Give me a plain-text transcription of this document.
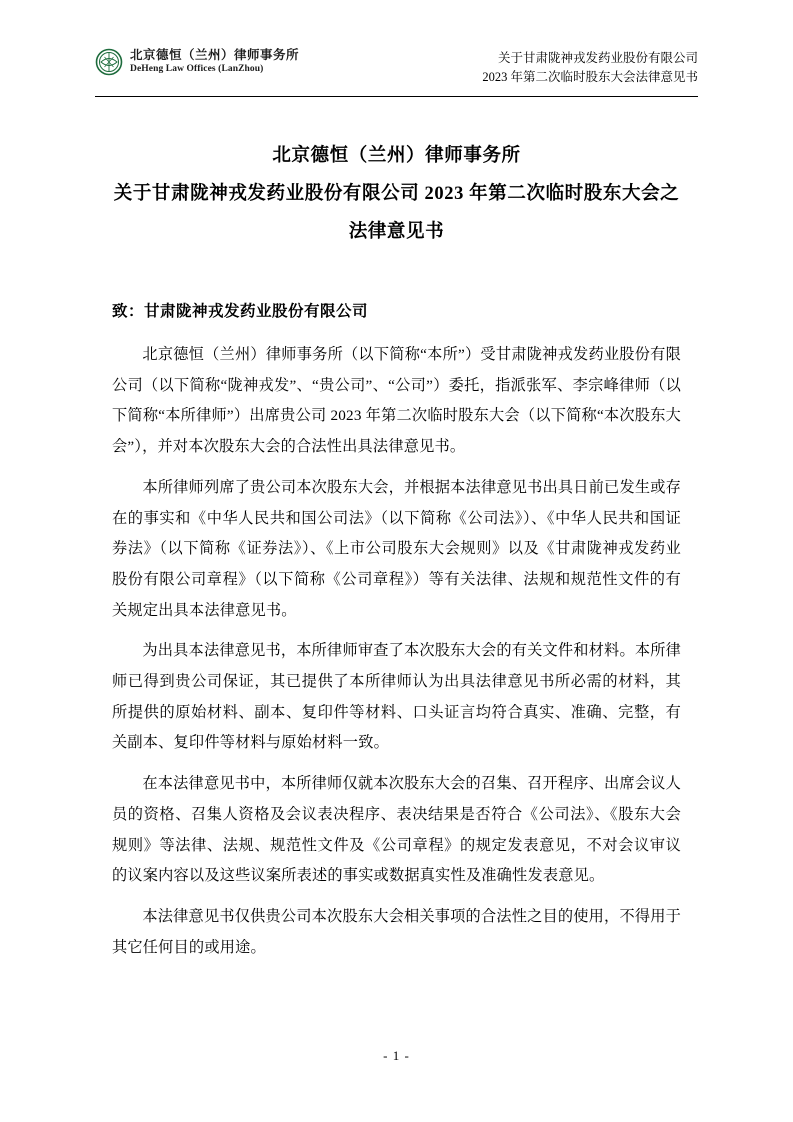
北京德恒（兰州）律师事务所
DeHeng Law Offices (LanZhou)
关于甘肃陇神戎发药业股份有限公司
2023 年第二次临时股东大会法律意见书
北京德恒（兰州）律师事务所
关于甘肃陇神戎发药业股份有限公司 2023 年第二次临时股东大会之
法律意见书
致：甘肃陇神戎发药业股份有限公司

北京德恒（兰州）律师事务所（以下简称“本所”）受甘肃陇神戎发药业股份有限公司（以下简称“陇神戎发”、“贵公司”、“公司”）委托，指派张军、李宗峰律师（以下简称“本所律师”）出席贵公司 2023 年第二次临时股东大会（以下简称“本次股东大会”），并对本次股东大会的合法性出具法律意见书。

本所律师列席了贵公司本次股东大会，并根据本法律意见书出具日前已发生或存在的事实和《中华人民共和国公司法》（以下简称《公司法》）、《中华人民共和国证券法》（以下简称《证券法》）、《上市公司股东大会规则》以及《甘肃陇神戎发药业股份有限公司章程》（以下简称《公司章程》）等有关法律、法规和规范性文件的有关规定出具本法律意见书。

为出具本法律意见书，本所律师审查了本次股东大会的有关文件和材料。本所律师已得到贵公司保证，其已提供了本所律师认为出具法律意见书所必需的材料，其所提供的原始材料、副本、复印件等材料、口头证言均符合真实、准确、完整，有关副本、复印件等材料与原始材料一致。

在本法律意见书中，本所律师仅就本次股东大会的召集、召开程序、出席会议人员的资格、召集人资格及会议表决程序、表决结果是否符合《公司法》、《股东大会规则》等法律、法规、规范性文件及《公司章程》的规定发表意见，不对会议审议的议案内容以及这些议案所表述的事实或数据真实性及准确性发表意见。

本法律意见书仅供贵公司本次股东大会相关事项的合法性之目的使用，不得用于其它任何目的或用途。

- 1 -
